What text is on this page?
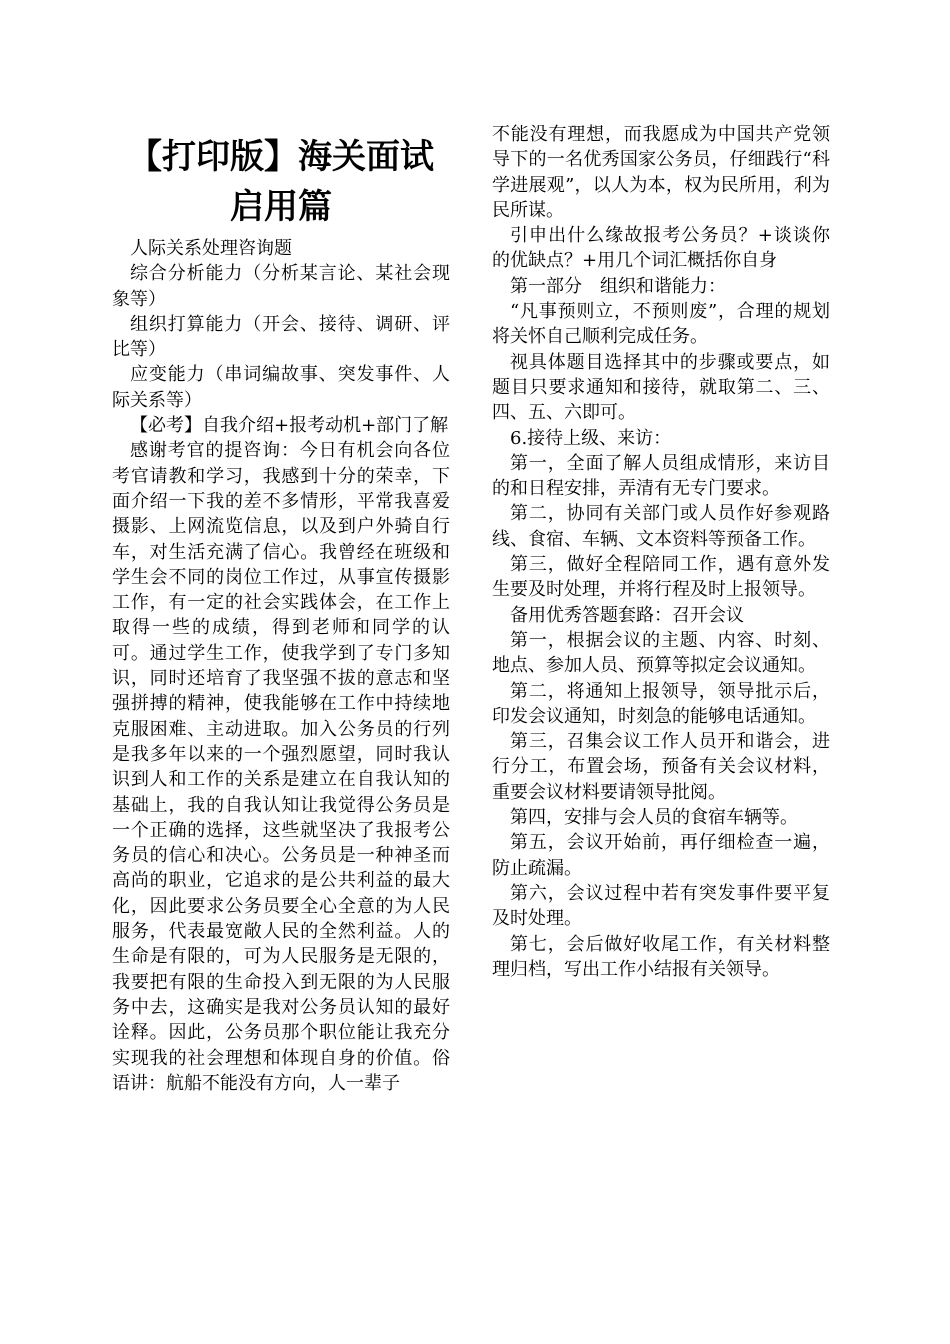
【打印版】海关面试
启用篇

人际关系处理咨询题

综合分析能力（分析某言论、某社会现象等）

组织打算能力（开会、接待、调研、评比等）

应变能力（串词编故事、突发事件、人际关系等）

【必考】自我介绍+报考动机+部门了解

感谢考官的提咨询：今日有机会向各位考官请教和学习，我感到十分的荣幸，下面介绍一下我的差不多情形，平常我喜爱摄影、上网流览信息，以及到户外骑自行车，对生活充满了信心。我曾经在班级和学生会不同的岗位工作过，从事宣传摄影工作，有一定的社会实践体会，在工作上取得一些的成绩，得到老师和同学的认可。通过学生工作，使我学到了专门多知识，同时还培育了我坚强不拔的意志和坚强拼搏的精神，使我能够在工作中持续地克服困难、主动进取。加入公务员的行列是我多年以来的一个强烈愿望，同时我认识到人和工作的关系是建立在自我认知的基础上，我的自我认知让我觉得公务员是一个正确的选择，这些就坚决了我报考公务员的信心和决心。公务员是一种神圣而高尚的职业，它追求的是公共利益的最大化，因此要求公务员要全心全意的为人民服务，代表最宽敞人民的全然利益。人的生命是有限的，可为人民服务是无限的，我要把有限的生命投入到无限的为人民服务中去，这确实是我对公务员认知的最好诠释。因此，公务员那个职位能让我充分实现我的社会理想和体现自身的价值。俗语讲：航船不能没有方向，人一辈子

不能没有理想，而我愿成为中国共产党领导下的一名优秀国家公务员，仔细践行“科学进展观”，以人为本，权为民所用，利为民所谋。

引申出什么缘故报考公务员？+谈谈你的优缺点？+用几个词汇概括你自身

第一部分　组织和谐能力：

“凡事预则立，不预则废”，合理的规划将关怀自己顺利完成任务。

视具体题目选择其中的步骤或要点，如题目只要求通知和接待，就取第二、三、四、五、六即可。

6.接待上级、来访：

第一，全面了解人员组成情形，来访目的和日程安排，弄清有无专门要求。

第二，协同有关部门或人员作好参观路线、食宿、车辆、文本资料等预备工作。

第三，做好全程陪同工作，遇有意外发生要及时处理，并将行程及时上报领导。

备用优秀答题套路：召开会议

第一，根据会议的主题、内容、时刻、地点、参加人员、预算等拟定会议通知。

第二，将通知上报领导，领导批示后，印发会议通知，时刻急的能够电话通知。

第三，召集会议工作人员开和谐会，进行分工，布置会场，预备有关会议材料，重要会议材料要请领导批阅。

第四，安排与会人员的食宿车辆等。

第五，会议开始前，再仔细检查一遍，防止疏漏。

第六，会议过程中若有突发事件要平复及时处理。

第七，会后做好收尾工作，有关材料整理归档，写出工作小结报有关领导。
